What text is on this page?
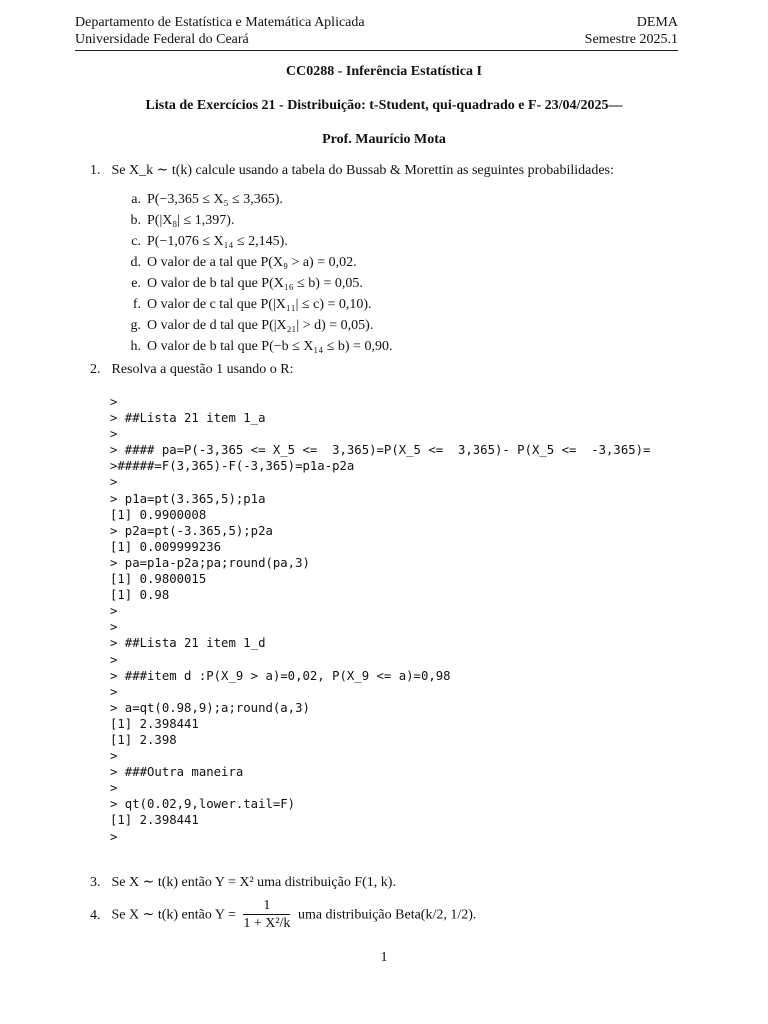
Departamento de Estatística e Matemática Aplicada
Universidade Federal do Ceará
DEMA
Semestre 2025.1
CC0288 - Inferência Estatística I
Lista de Exercícios 21 - Distribuição: t-Student, qui-quadrado e F- 23/04/2025—
Prof. Maurício Mota
1. Se X_k ∼ t(k) calcule usando a tabela do Bussab & Morettin as seguintes probabilidades:
a. P(−3,365 ≤ X₅ ≤ 3,365).
b. P(|X₈| ≤ 1,397).
c. P(−1,076 ≤ X₁₄ ≤ 2,145).
d. O valor de a tal que P(X₉ > a) = 0,02.
e. O valor de b tal que P(X₁₆ ≤ b) = 0,05.
f. O valor de c tal que P(|X₁₁| ≤ c) = 0,10).
g. O valor de d tal que P(|X₂₁| > d) = 0,05).
h. O valor de b tal que P(−b ≤ X₁₄ ≤ b) = 0,90.
2. Resolva a questão 1 usando o R:
>
> ##Lista 21 item 1_a
>
> #### pa=P(-3,365 <= X_5 <=  3,365)=P(X_5 <=  3,365)- P(X_5 <=  -3,365)=
>#####=F(3,365)-F(-3,365)=p1a-p2a
>
> p1a=pt(3.365,5);p1a
[1] 0.9900008
> p2a=pt(-3.365,5);p2a
[1] 0.009999236
> pa=p1a-p2a;pa;round(pa,3)
[1] 0.9800015
[1] 0.98
>
>
> ##Lista 21 item 1_d
>
> ###item d :P(X_9 > a)=0,02, P(X_9 <= a)=0,98
>
> a=qt(0.98,9);a;round(a,3)
[1] 2.398441
[1] 2.398
>
> ###Outra maneira
>
> qt(0.02,9,lower.tail=F)
[1] 2.398441
>
3. Se X ∼ t(k) então Y = X² uma distribuição F(1, k).
4. Se X ∼ t(k) então $Y = \frac{1}{\text{1 + X²/k}}$ uma distribuição Beta(k/2, 1/2).
1
